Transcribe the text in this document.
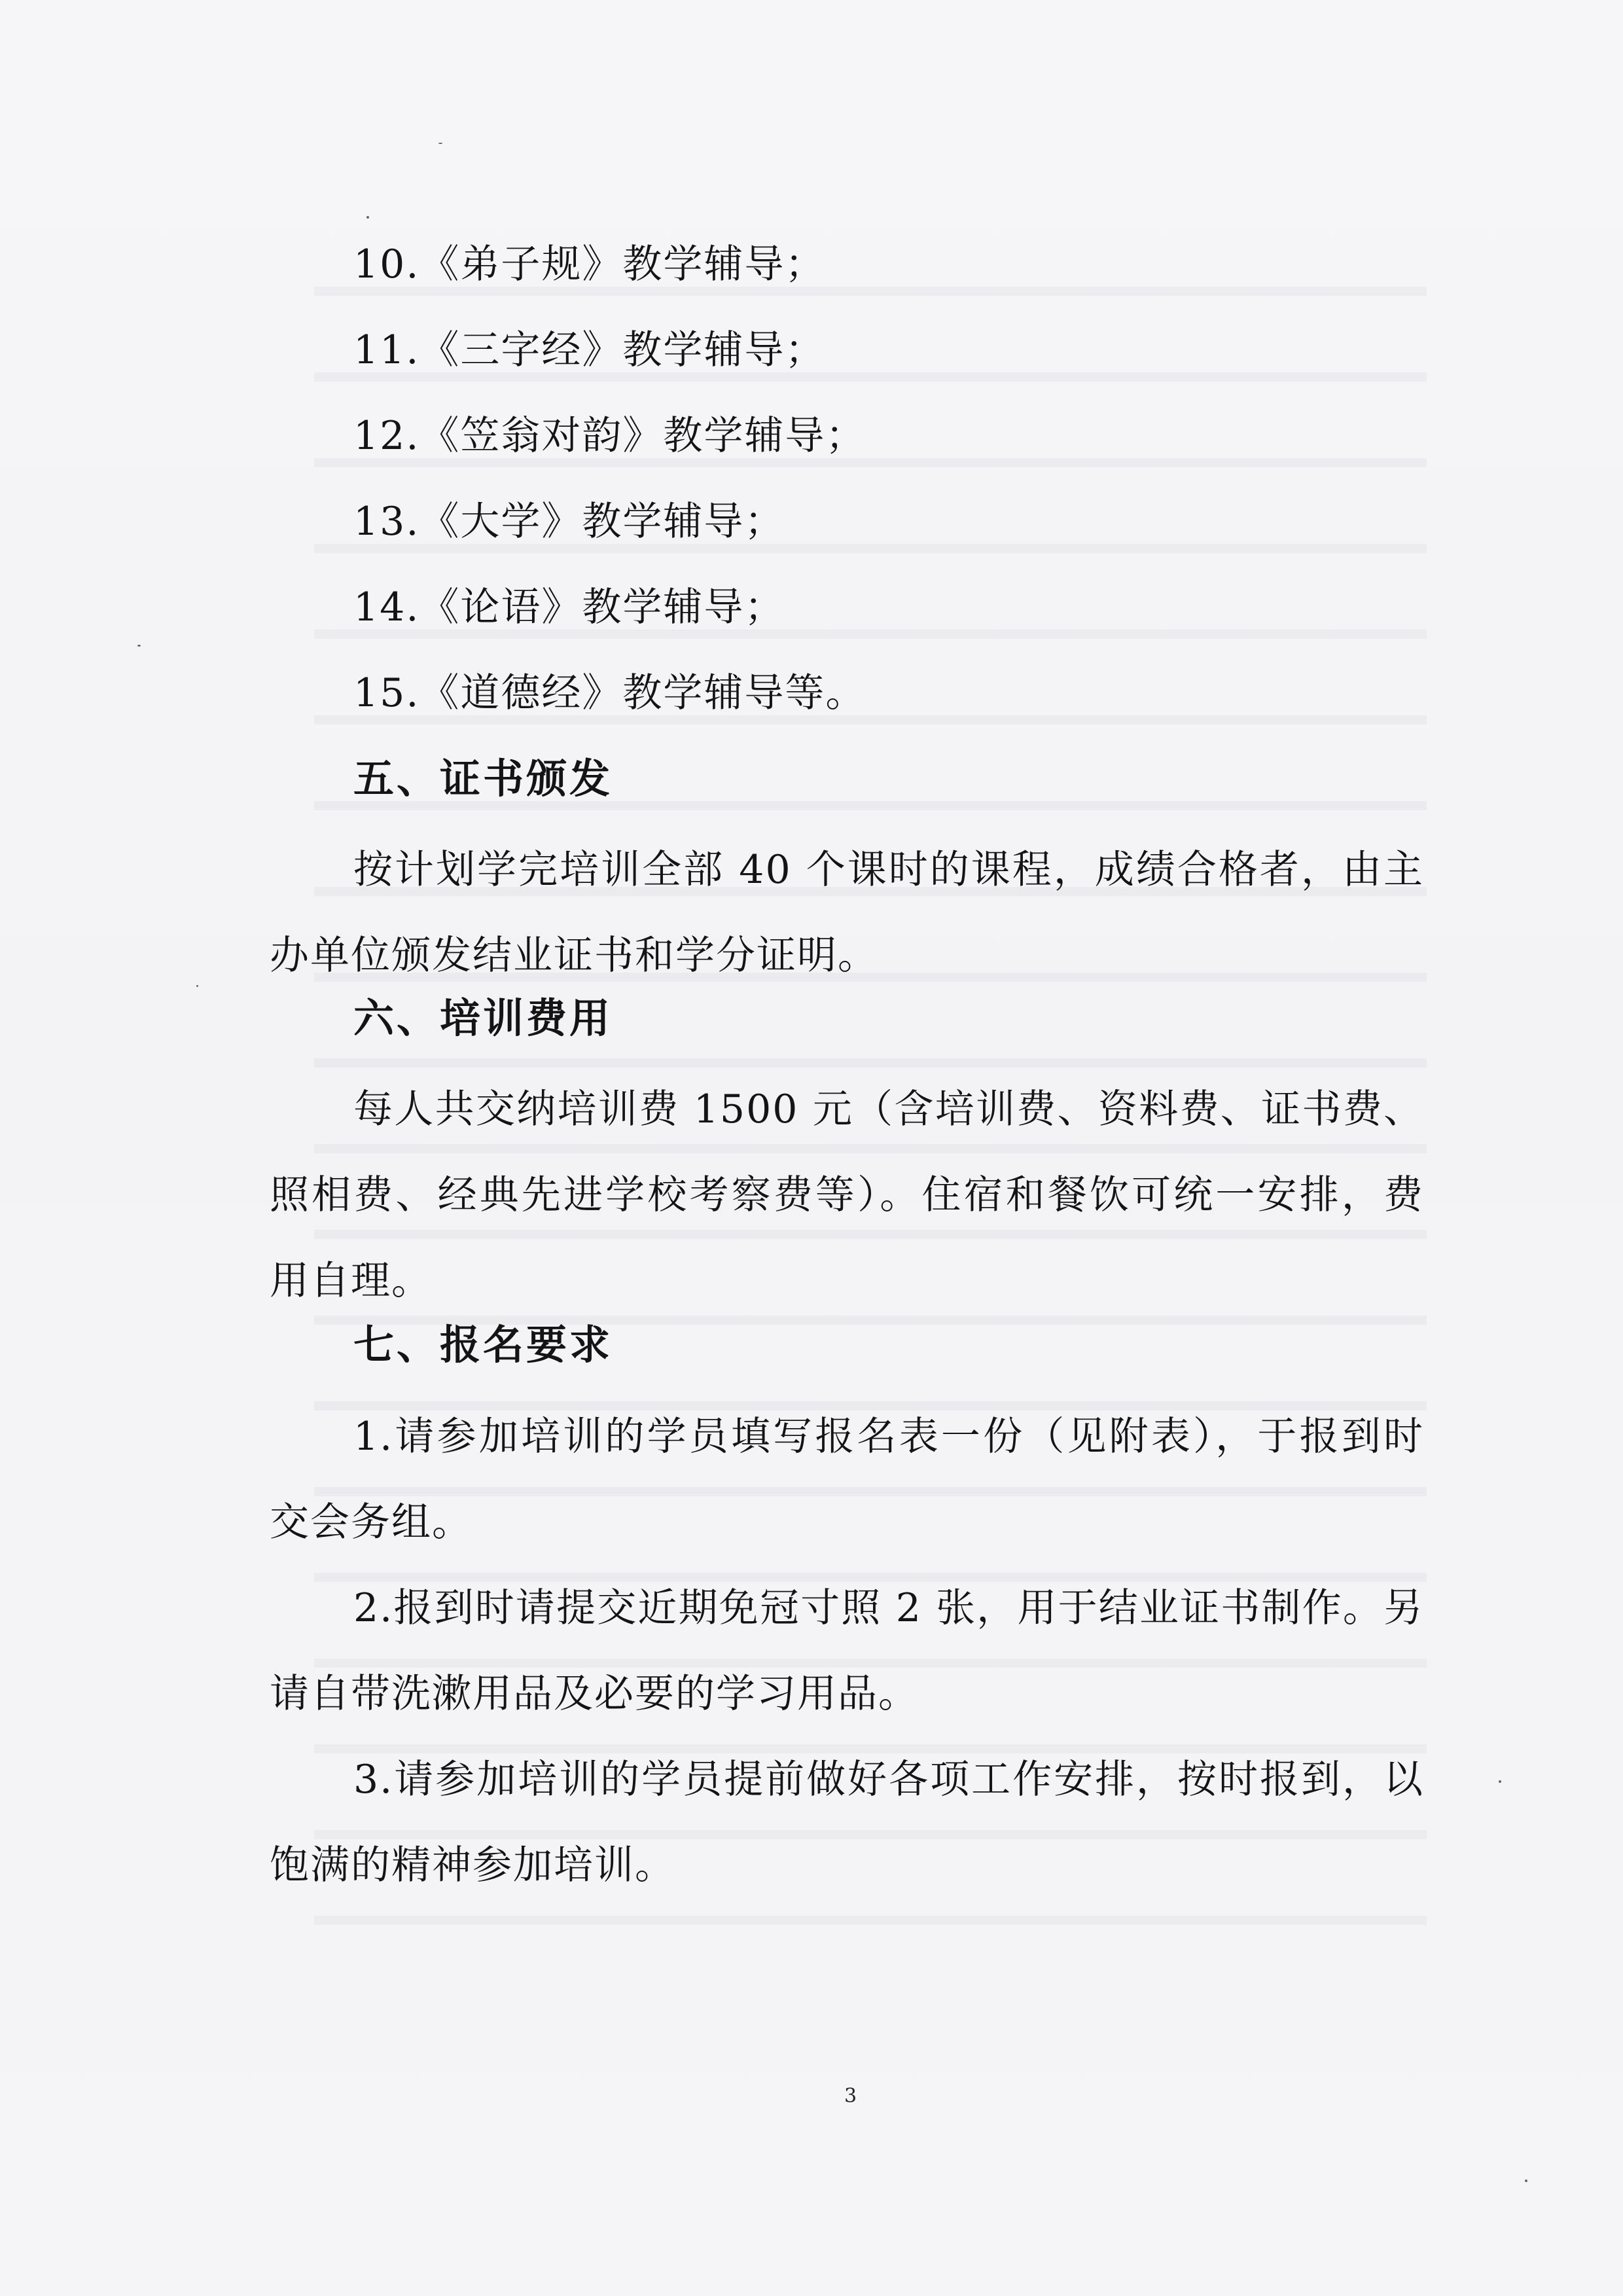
10.《弟子规》教学辅导；
11.《三字经》教学辅导；
12.《笠翁对韵》教学辅导；
13.《大学》教学辅导；
14.《论语》教学辅导；
15.《道德经》教学辅导等。
五、证书颁发
按计划学完培训全部 40 个课时的课程，成绩合格者，由主办单位颁发结业证书和学分证明。
六、培训费用
每人共交纳培训费 1500 元（含培训费、资料费、证书费、照相费、经典先进学校考察费等）。住宿和餐饮可统一安排，费用自理。
七、报名要求
1.请参加培训的学员填写报名表一份（见附表），于报到时交会务组。
2.报到时请提交近期免冠寸照 2 张，用于结业证书制作。另请自带洗漱用品及必要的学习用品。
3.请参加培训的学员提前做好各项工作安排，按时报到，以饱满的精神参加培训。
3
